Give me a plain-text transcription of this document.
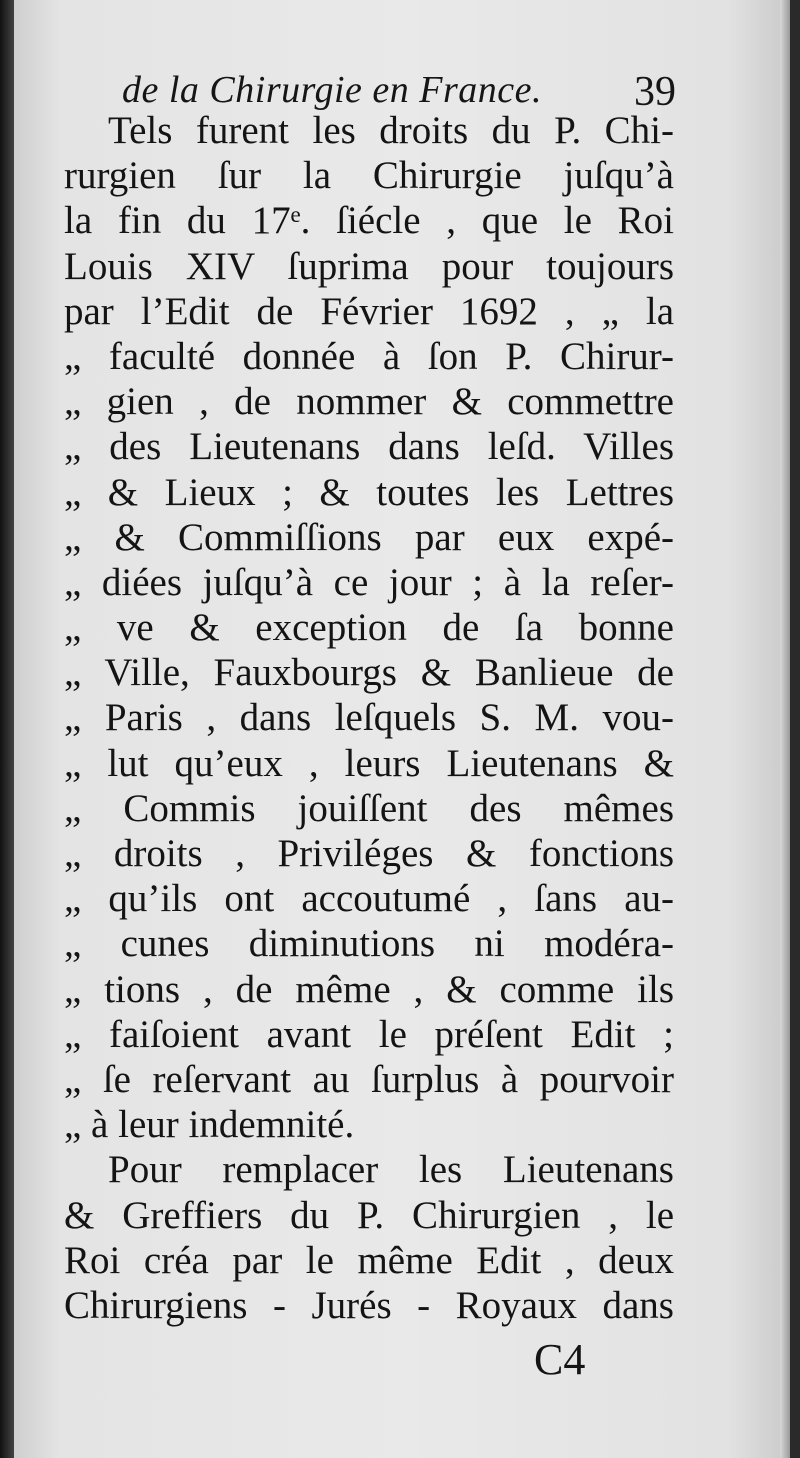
de la Chirurgie en France. 39
Tels furent les droits du P. Chi-
rurgien ſur la Chirurgie juſqu’à
la fin du 17ᵉ. ſiécle , que le Roi
Louis XIV ſuprima pour toujours
par l’Edit de Février 1692 , „ la
„ faculté donnée à ſon P. Chirur-
„ gien , de nommer & commettre
„ des Lieutenans dans leſd. Villes
„ & Lieux ; & toutes les Lettres
„ & Commiſſions par eux expé-
„ diées juſqu’à ce jour ; à la reſer-
„ ve & exception de ſa bonne
„ Ville, Fauxbourgs & Banlieue de
„ Paris , dans leſquels S. M. vou-
„ lut qu’eux , leurs Lieutenans &
„ Commis jouiſſent des mêmes
„ droits , Priviléges & fonctions
„ qu’ils ont accoutumé , ſans au-
„ cunes diminutions ni modéra-
„ tions , de même , & comme ils
„ faiſoient avant le préſent Edit ;
„ ſe reſervant au ſurplus à pourvoir
„ à leur indemnité.
Pour remplacer les Lieutenans
& Greffiers du P. Chirurgien , le
Roi créa par le même Edit , deux
Chirurgiens - Jurés - Royaux dans
C4
